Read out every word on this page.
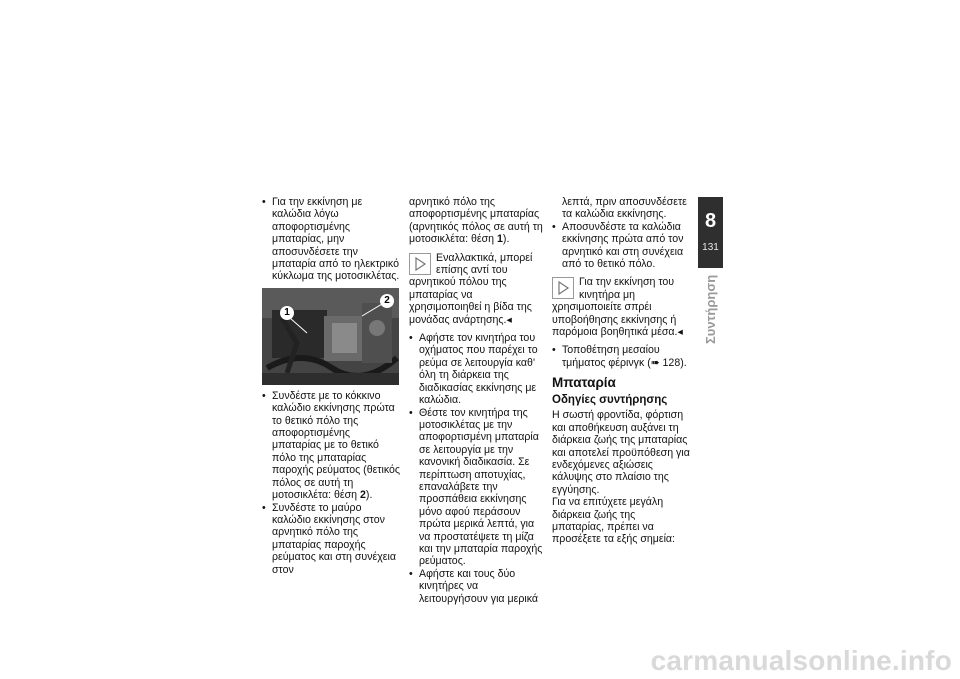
• Για την εκκίνηση με καλώδια λόγω αποφορτισμένης μπαταρίας, μην αποσυνδέσετε την μπαταρία από το ηλεκτρικό κύκλωμα της μοτοσικλέτας.

1
2

• Συνδέστε με το κόκκινο καλώδιο εκκίνησης πρώτα το θετικό πόλο της αποφορτισμένης μπαταρίας με το θετικό πόλο της μπαταρίας παροχής ρεύματος (θετικός πόλος σε αυτή τη μοτοσικλέτα: θέση 2).

• Συνδέστε το μαύρο καλώδιο εκκίνησης στον αρνητικό πόλο της μπαταρίας παροχής ρεύματος και στη συνέχεια στον

αρνητικό πόλο της αποφορτισμένης μπαταρίας (αρνητικός πόλος σε αυτή τη μοτοσικλέτα: θέση 1).

Εναλλακτικά, μπορεί επίσης αντί του αρνητικού πόλου της μπαταρίας να χρησιμοποιηθεί η βίδα της μονάδας ανάρτησης.◂

• Αφήστε τον κινητήρα του οχήματος που παρέχει το ρεύμα σε λειτουργία καθ' όλη τη διάρκεια της διαδικασίας εκκίνησης με καλώδια.

• Θέστε τον κινητήρα της μοτοσικλέτας με την αποφορτισμένη μπαταρία σε λειτουργία με την κανονική διαδικασία. Σε περίπτωση αποτυχίας, επαναλάβετε την προσπάθεια εκκίνησης μόνο αφού περάσουν πρώτα μερικά λεπτά, για να προστατέψετε τη μίζα και την μπαταρία παροχής ρεύματος.

• Αφήστε και τους δύο κινητήρες να λειτουργήσουν για μερικά

λεπτά, πριν αποσυνδέσετε τα καλώδια εκκίνησης.

• Αποσυνδέστε τα καλώδια εκκίνησης πρώτα από τον αρνητικό και στη συνέχεια από το θετικό πόλο.

Για την εκκίνηση του κινητήρα μη χρησιμοποιείτε σπρέι υποβοήθησης εκκίνησης ή παρόμοια βοηθητικά μέσα.◂

• Τοποθέτηση μεσαίου τμήματος φέρινγκ (➠ 128).

Μπαταρία
Οδηγίες συντήρησης

Η σωστή φροντίδα, φόρτιση και αποθήκευση αυξάνει τη διάρκεια ζωής της μπαταρίας και αποτελεί προϋπόθεση για ενδεχόμενες αξιώσεις κάλυψης στο πλαίσιο της εγγύησης.

Για να επιτύχετε μεγάλη διάρκεια ζωής της μπαταρίας, πρέπει να προσέξετε τα εξής σημεία:

8
131
Συντήρηση
carmanualsonline.info
